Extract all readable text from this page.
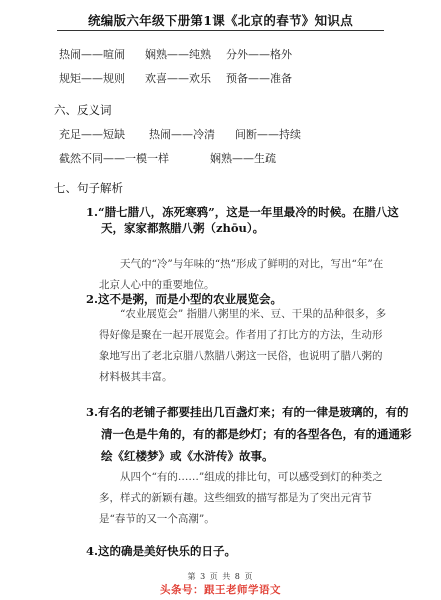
统编版六年级下册第1课《北京的春节》知识点
热闹——喧闹 娴熟——纯熟 分外——格外
规矩——规则 欢喜——欢乐 预备——准备
六、反义词
充足——短缺 热闹——冷清 间断——持续
截然不同——一模一样	娴熟——生疏
七、句子解析
1.“腊七腊八，冻死寒鸦”，这是一年里最冷的时候。在腊八这
天，家家都熬腊八粥（zhōu）。
天气的“冷”与年味的“热”形成了鲜明的对比，写出“年”在北京人心中的重要地位。
2.这不是粥，而是小型的农业展览会。
“农业展览会” 指腊八粥里的米、豆、干果的品种很多，多得好像是聚在一起开展览会。作者用了打比方的方法，生动形象地写出了老北京腊八熬腊八粥这一民俗，也说明了腊八粥的材料极其丰富。
3.有名的老铺子都要挂出几百盏灯来；有的一律是玻璃的，有的
清一色是牛角的，有的都是纱灯；有的各型各色，有的通通彩
绘《红楼梦》或《水浒传》故事。
从四个“有的……”组成的排比句，可以感受到灯的种类之多，样式的新颖有趣。这些细致的描写都是为了突出元宵节是“春节的又一个高潮”。
4.这的确是美好快乐的日子。
第 3 页 共 8 页
头条号：跟王老师学语文
